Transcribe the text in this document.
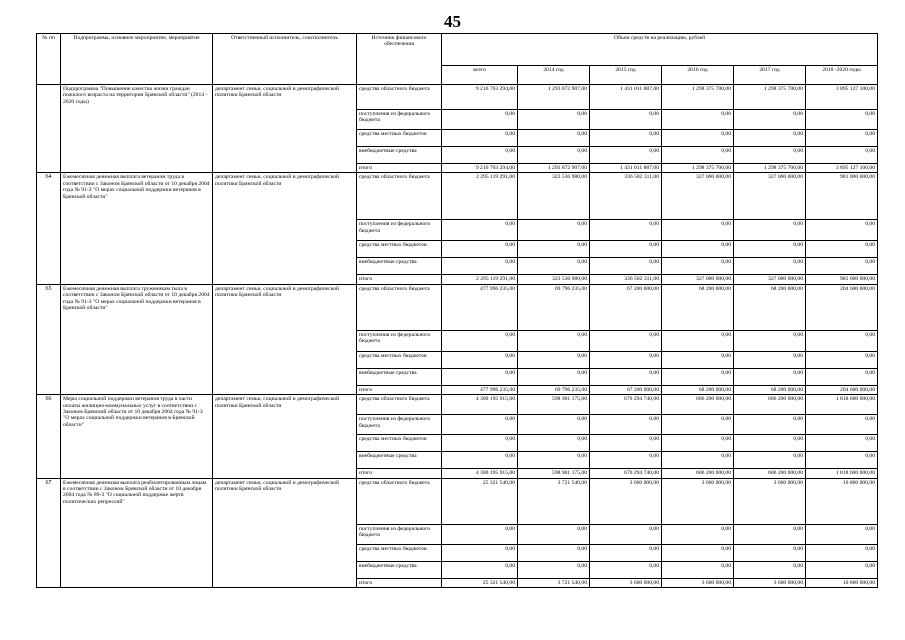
45
№ пп	Подпрограмма, основное мероприятие, мероприятие	Ответственный исполнитель, соисполнитель	Источник финансового обеспечения	Объем средств на реализацию, рублей					
				всего	2014 год	2015 год	2016 год	2017 год	2018 -2020 годы
	Подпрограмма "Повышение качества жизни граждан пожилого возраста на территории Брянской области" (2014 - 2020 годы)	департамент семьи, социальной и демографической политики Брянской области	средства областного бюджета	9 216 763 294,00	1 293 872 907,00	1 431 011 887,00	1 298 375 700,00	1 298 375 700,00	3 895 127 100,00
			поступления из федерального бюджета	0,00	0,00	0,00	0,00	0,00	0,00
			средства местных бюджетов	0,00	0,00	0,00	0,00	0,00	0,00
			внебюджетные средства	0,00	0,00	0,00	0,00	0,00	0,00
			итого	9 216 763 294,00	1 293 872 907,00	1 431 011 887,00	1 298 375 700,00	1 298 375 700,00	3 895 127 100,00
64	Ежемесячная денежная выплата ветеранам труда в соответствии с Законом Брянской области от 10 декабря 2004 года № 91-З "О мерах социальной поддержки ветеранов в Брянской области"	департамент семьи, социальной и демографической политики Брянской области	средства областного бюджета	2 295 119 291,00	323 536 980,00	336 582 311,00	327 000 000,00	327 000 000,00	981 000 000,00
			поступления из федерального бюджета	0,00	0,00	0,00	0,00	0,00	0,00
			средства местных бюджетов	0,00	0,00	0,00	0,00	0,00	0,00
			внебюджетные средства	0,00	0,00	0,00	0,00	0,00	0,00
			итого	2 295 119 291,00	323 536 980,00	336 582 311,00	327 000 000,00	327 000 000,00	981 000 000,00
65	Ежемесячная денежная выплата труженикам тыла в соответствии с Законом Брянской области от 10 декабря 2004 года № 91-З "О мерах социальной поддержки ветеранов в Брянской области"	департамент семьи, социальной и демографической политики Брянской области	средства областного бюджета	477 996 235,00	69 796 235,00	67 200 000,00	68 200 000,00	68 200 000,00	204 600 000,00
			поступления из федерального бюджета	0,00	0,00	0,00	0,00	0,00	0,00
			средства местных бюджетов	0,00	0,00	0,00	0,00	0,00	0,00
			внебюджетные средства	0,00	0,00	0,00	0,00	0,00	0,00
			итого	477 996 235,00	69 796 235,00	67 200 000,00	68 200 000,00	68 200 000,00	204 600 000,00
66	Меры социальной поддержки ветеранов труда в части оплаты жилищно-коммунальных услуг в соответствии с Законом Брянской области от 10 декабря 2004 года № 91-З "О мерах социальной поддержки ветеранов в Брянской области"	департамент семьи, социальной и демографической политики Брянской области	средства областного бюджета	4 300 195 915,00	598 901 175,00	670 294 740,00	606 200 000,00	606 200 000,00	1 818 600 000,00
			поступления из федерального бюджета	0,00	0,00	0,00	0,00	0,00	0,00
			средства местных бюджетов	0,00	0,00	0,00	0,00	0,00	0,00
			внебюджетные средства	0,00	0,00	0,00	0,00	0,00	0,00
			итого	4 300 195 915,00	598 901 175,00	670 294 740,00	606 200 000,00	606 200 000,00	1 818 600 000,00
67	Ежемесячная денежная выплата реабилитированным лицам в соответствии с Законом Брянской области от 10 декабря 2004 года № 89-З "О социальной поддержке жертв политических репрессий"	департамент семьи, социальной и демографической политики Брянской области	средства областного бюджета	25 321 540,00	3 721 540,00	3 600 000,00	3 600 000,00	3 600 000,00	10 800 000,00
			поступления из федерального бюджета	0,00	0,00	0,00	0,00	0,00	0,00
			средства местных бюджетов	0,00	0,00	0,00	0,00	0,00	0,00
			внебюджетные средства	0,00	0,00	0,00	0,00	0,00	0,00
			итого	25 321 540,00	3 721 540,00	3 600 000,00	3 600 000,00	3 600 000,00	10 800 000,00
